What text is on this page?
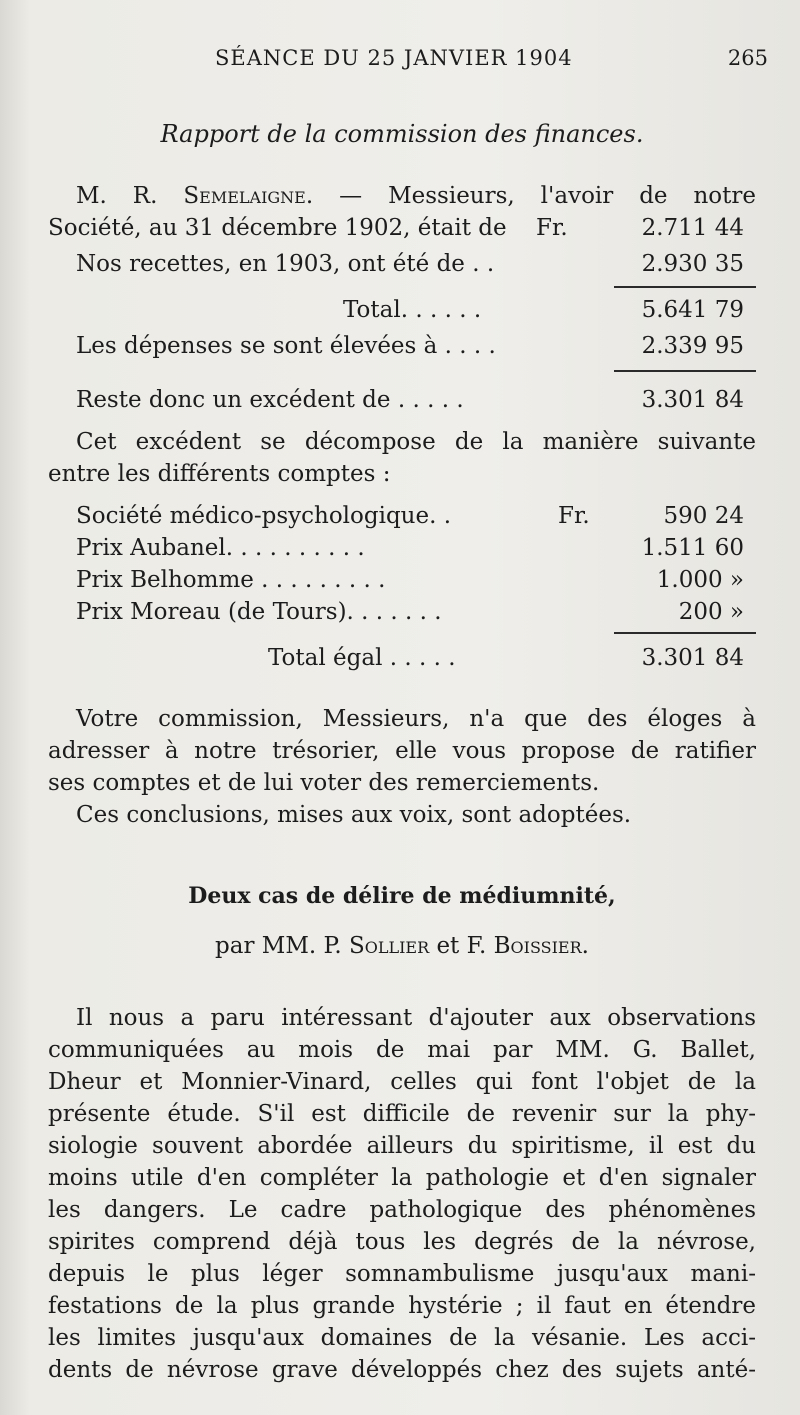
SÉANCE DU 25 JANVIER 1904	265
Rapport de la commission des finances.
M. R. Semelaigne. — Messieurs, l'avoir de notre
Société, au 31 décembre 1902, était de Fr.	2.711 44
Nos recettes, en 1903, ont été de . .	2.930 35
Total. . . . . .	5.641 79
Les dépenses se sont élevées à . . . .	2.339 95
Reste donc un excédent de . . . . .	3.301 84
Cet excédent se décompose de la manière suivante
entre les différents comptes :
Société médico-psychologique. .	Fr.	590 24
Prix Aubanel. . . . . . . . . .	1.511 60
Prix Belhomme . . . . . . . . .	1.000 »
Prix Moreau (de Tours). . . . . . .	200 »
Total égal . . . . .	3.301 84
Votre commission, Messieurs, n'a que des éloges à
adresser à notre trésorier, elle vous propose de ratifier
ses comptes et de lui voter des remerciements.
Ces conclusions, mises aux voix, sont adoptées.
Deux cas de délire de médiumnité,
par MM. P. Sollier et F. Boissier.
Il nous a paru intéressant d'ajouter aux observations
communiquées au mois de mai par MM. G. Ballet,
Dheur et Monnier-Vinard, celles qui font l'objet de la
présente étude. S'il est difficile de revenir sur la phy-
siologie souvent abordée ailleurs du spiritisme, il est du
moins utile d'en compléter la pathologie et d'en signaler
les dangers. Le cadre pathologique des phénomènes
spirites comprend déjà tous les degrés de la névrose,
depuis le plus léger somnambulisme jusqu'aux mani-
festations de la plus grande hystérie ; il faut en étendre
les limites jusqu'aux domaines de la vésanie. Les acci-
dents de névrose grave développés chez des sujets anté-
